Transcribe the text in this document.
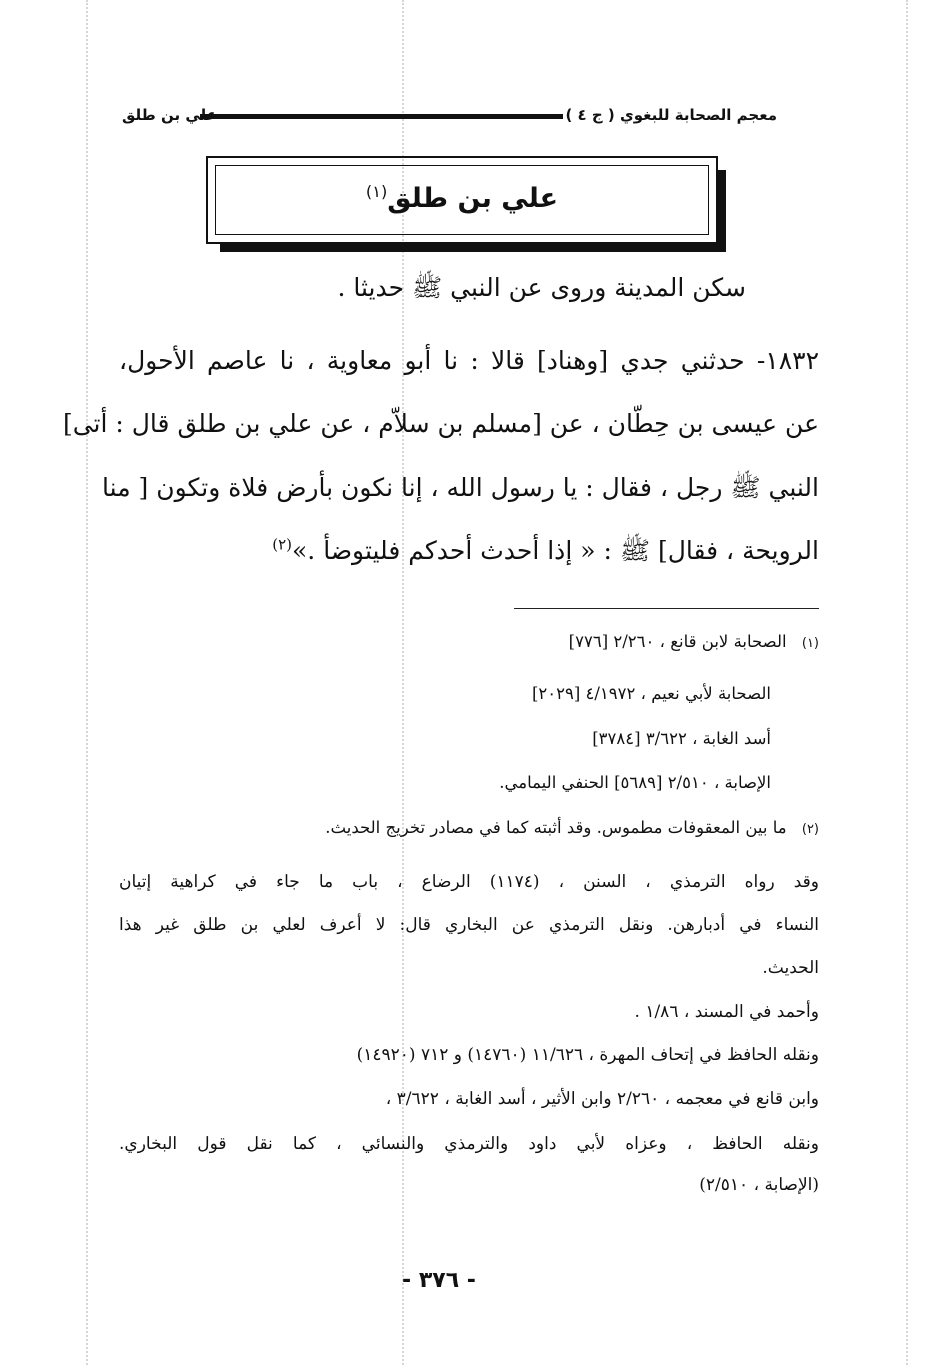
معجم الصحابة للبغوي ( ج ٤ )
علي بن طلق
علي بن طلق$^{(١)}$
سكن المدينة وروى عن النبي ﷺ حديثا .
١٨٣٢- حدثني جدي [وهناد] قالا : نا أبو معاوية ، نا عاصم الأحول،
عن عيسى بن حِطّان ، عن [مسلم بن سلاّم ، عن علي بن طلق قال : أتى]
النبي ﷺ رجل ، فقال : يا رسول الله ، إنا نكون بأرض فلاة وتكون [ منا
الرويحة ، فقال] ﷺ : « إذا أحدث أحدكم فليتوضأ .»$^{(٢)}$
(١) الصحابة لابن قانع ، ٢/٢٦٠ [٧٧٦]
الصحابة لأبي نعيم ، ٤/١٩٧٢ [٢٠٢٩]
أسد الغابة ، ٣/٦٢٢ [٣٧٨٤]
الإصابة ، ٢/٥١٠ [٥٦٨٩] الحنفي اليمامي.
(٢) ما بين المعقوفات مطموس. وقد أثبته كما في مصادر تخريج الحديث.
وقد رواه الترمذي ، السنن ، (١١٧٤) الرضاع ، باب ما جاء في كراهية إتيان
النساء في أدبارهن. ونقل الترمذي عن البخاري قال: لا أعرف لعلي بن طلق غير هذا
الحديث.
وأحمد في المسند ، ١/٨٦ .
ونقله الحافظ في إتحاف المهرة ، ١١/٦٢٦ (١٤٧٦٠) و ٧١٢ (١٤٩٢٠)
وابن قانع في معجمه ، ٢/٢٦٠ وابن الأثير ، أسد الغابة ، ٣/٦٢٢ ،
ونقله الحافظ ، وعزاه لأبي داود والترمذي والنسائي ، كما نقل قول البخاري.
(الإصابة ، ٢/٥١٠)
- ٣٧٦ -
